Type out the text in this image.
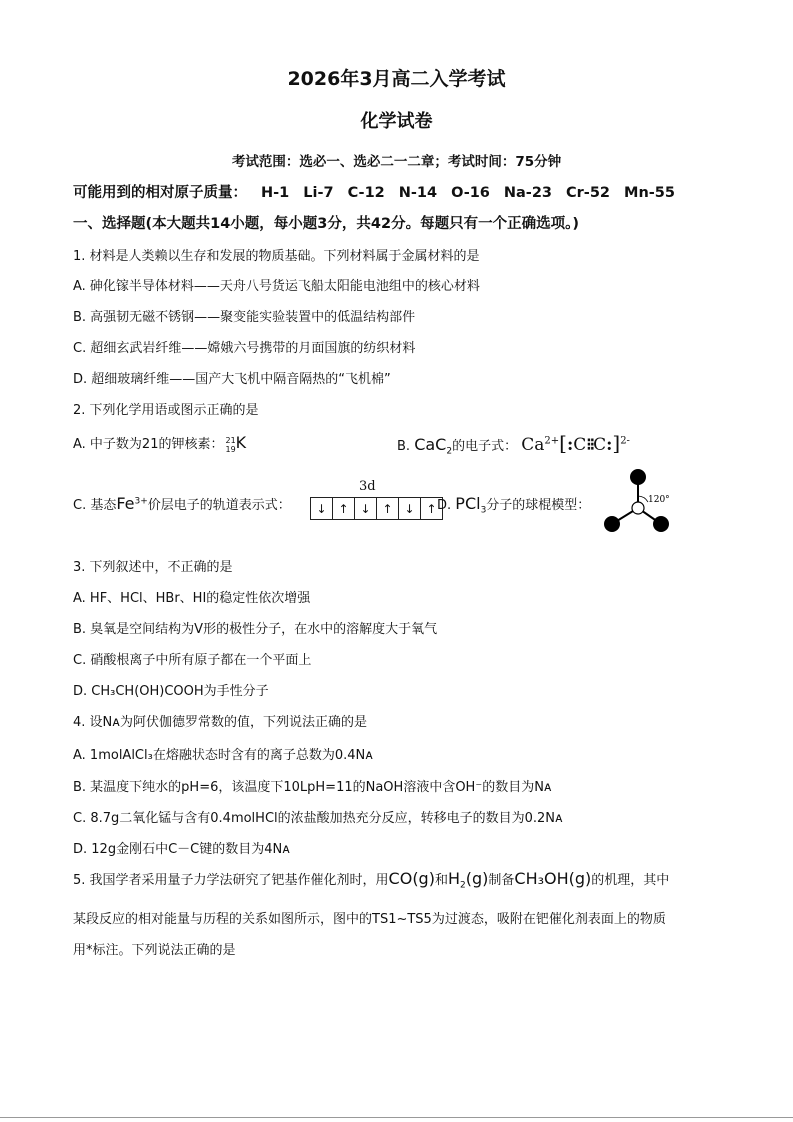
2026年3月高二入学考试
化学试卷
考试范围：选必一、选必二一二章；考试时间：75分钟
可能用到的相对原子质量： H-1 Li-7 C-12 N-14 O-16 Na-23 Cr-52 Mn-55
一、选择题(本大题共14小题，每小题3分，共42分。每题只有一个正确选项。)
1. 材料是人类赖以生存和发展的物质基础。下列材料属于金属材料的是
A. 砷化镓半导体材料——天舟八号货运飞船太阳能电池组中的核心材料
B. 高强韧无磁不锈钢——聚变能实验装置中的低温结构部件
C. 超细玄武岩纤维——嫦娥六号携带的月面国旗的纺织材料
D. 超细玻璃纤维——国产大飞机中隔音隔热的“飞机棉”
2. 下列化学用语或图示正确的是
A. 中子数为21的钾核素： 21
19 K	B. CaC$_2$的电子式： $Ca^{2+}[:C⁝⁝C:]^{2-}$
C. 基态$Fe^{3+}$价层电子的轨道表示式：
3d
↓ ↑ ↓ ↑ ↓ ↑ D. PCl$_3$分子的球棍模型：	120°
3. 下列叙述中，不正确的是
A. HF、HCl、HBr、HI的稳定性依次增强
B. 臭氧是空间结构为V形的极性分子，在水中的溶解度大于氧气
C. 硝酸根离子中所有原子都在一个平面上
D. CH₃CH(OH)COOH为手性分子
4. 设Nᴀ为阿伏伽德罗常数的值，下列说法正确的是
A. 1molAlCl₃在熔融状态时含有的离子总数为0.4Nᴀ
B. 某温度下纯水的pH=6，该温度下10LpH=11的NaOH溶液中含OH⁻的数目为Nᴀ
C. 8.7g二氧化锰与含有0.4molHCl的浓盐酸加热充分反应，转移电子的数目为0.2Nᴀ
D. 12g金刚石中C－C键的数目为4Nᴀ
5. 我国学者采用量子力学法研究了钯基作催化剂时，用CO(g)和$H_2(g)$制备CH₃OH(g)的机理，其中
某段反应的相对能量与历程的关系如图所示，图中的TS1~TS5为过渡态，吸附在钯催化剂表面上的物质
用*标注。下列说法正确的是
